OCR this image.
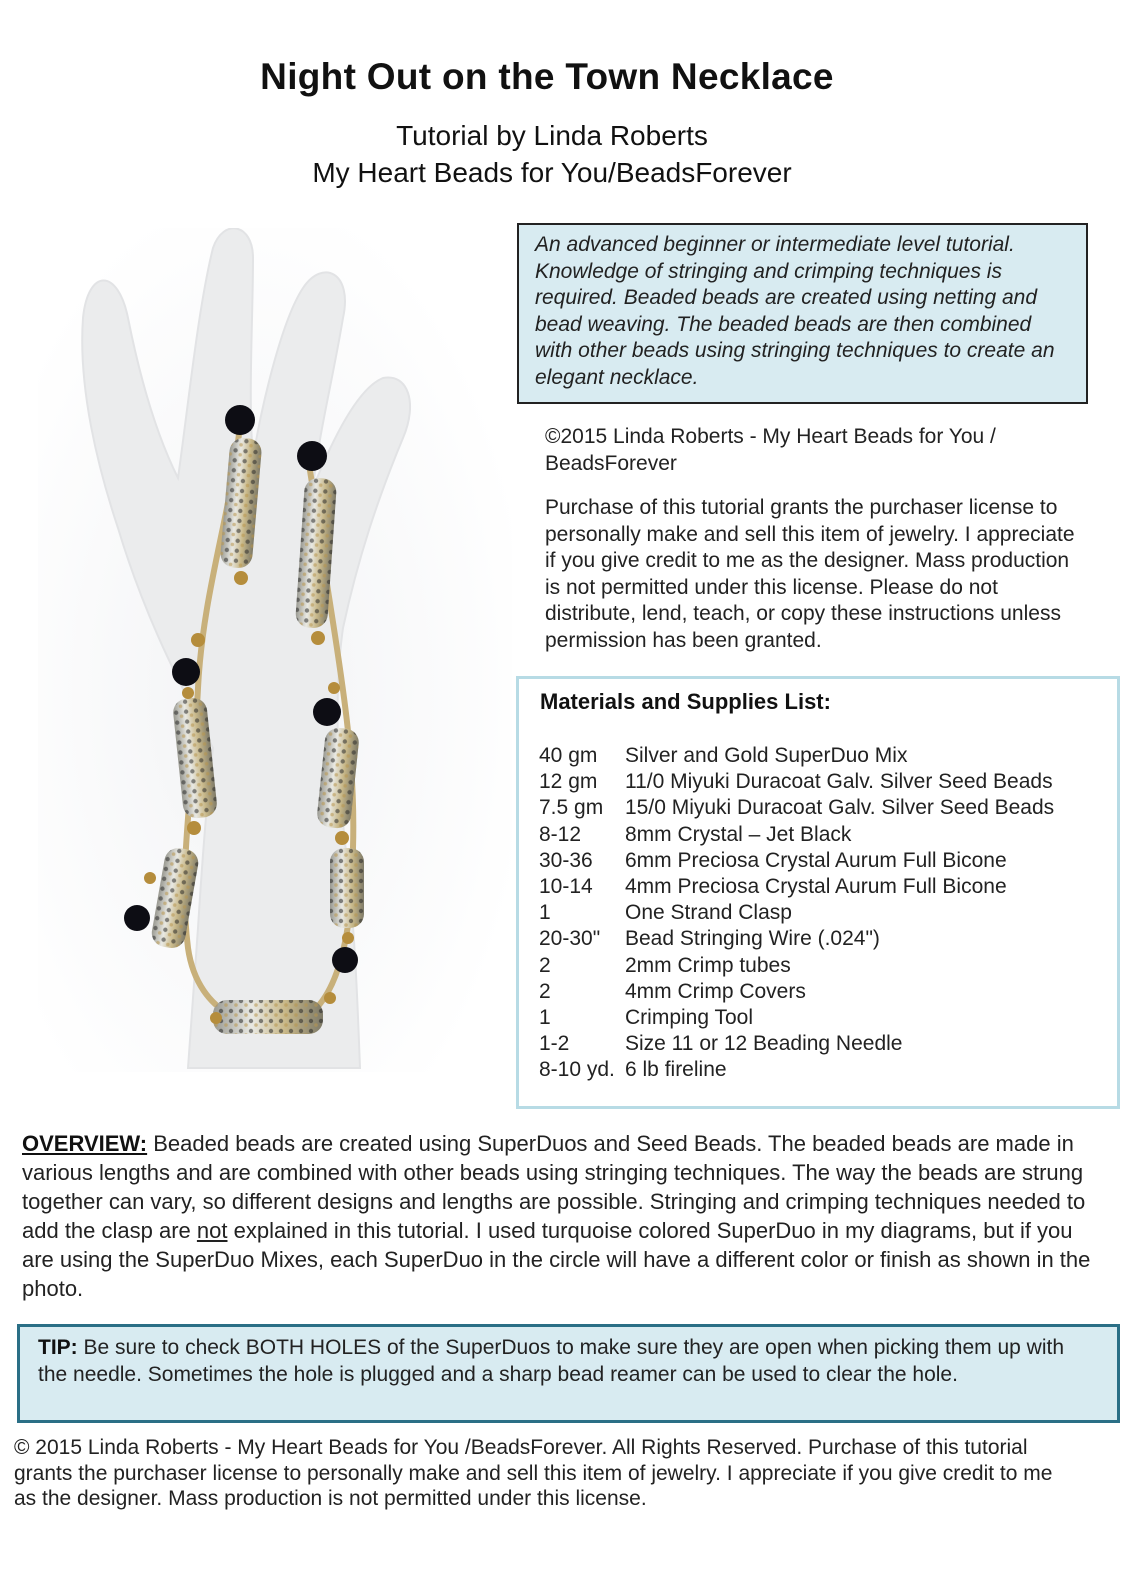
Night Out on the Town Necklace

Tutorial by Linda Roberts

My Heart Beads for You/BeadsForever

An advanced beginner or intermediate level tutorial. Knowledge of stringing and crimping techniques is required. Beaded beads are created using netting and bead weaving. The beaded beads are then combined with other beads using stringing techniques to create an elegant necklace.
©2015 Linda Roberts - My Heart Beads for You / BeadsForever
Purchase of this tutorial grants the purchaser license to personally make and sell this item of jewelry. I appreciate if you give credit to me as the designer. Mass production is not permitted under this license. Please do not distribute, lend, teach, or copy these instructions unless permission has been granted.
Materials and Supplies List:
40 gm	Silver and Gold SuperDuo Mix
12 gm	11/0 Miyuki Duracoat Galv. Silver Seed Beads
7.5 gm	15/0 Miyuki Duracoat Galv. Silver Seed Beads
8-12	8mm Crystal – Jet Black
30-36	6mm Preciosa Crystal Aurum Full Bicone
10-14	4mm Preciosa Crystal Aurum Full Bicone
1	One Strand Clasp
20-30"	Bead Stringing Wire (.024")
2	2mm Crimp tubes
2	4mm Crimp Covers
1	Crimping Tool
1-2	Size 11 or 12 Beading Needle
8-10 yd. 6 lb fireline
OVERVIEW: Beaded beads are created using SuperDuos and Seed Beads. The beaded beads are made in various lengths and are combined with other beads using stringing techniques. The way the beads are strung together can vary, so different designs and lengths are possible. Stringing and crimping techniques needed to add the clasp are not explained in this tutorial. I used turquoise colored SuperDuo in my diagrams, but if you are using the SuperDuo Mixes, each SuperDuo in the circle will have a different color or finish as shown in the photo.
TIP: Be sure to check BOTH HOLES of the SuperDuos to make sure they are open when picking them up with the needle. Sometimes the hole is plugged and a sharp bead reamer can be used to clear the hole.
© 2015 Linda Roberts - My Heart Beads for You /BeadsForever. All Rights Reserved. Purchase of this tutorial grants the purchaser license to personally make and sell this item of jewelry. I appreciate if you give credit to me as the designer. Mass production is not permitted under this license.
